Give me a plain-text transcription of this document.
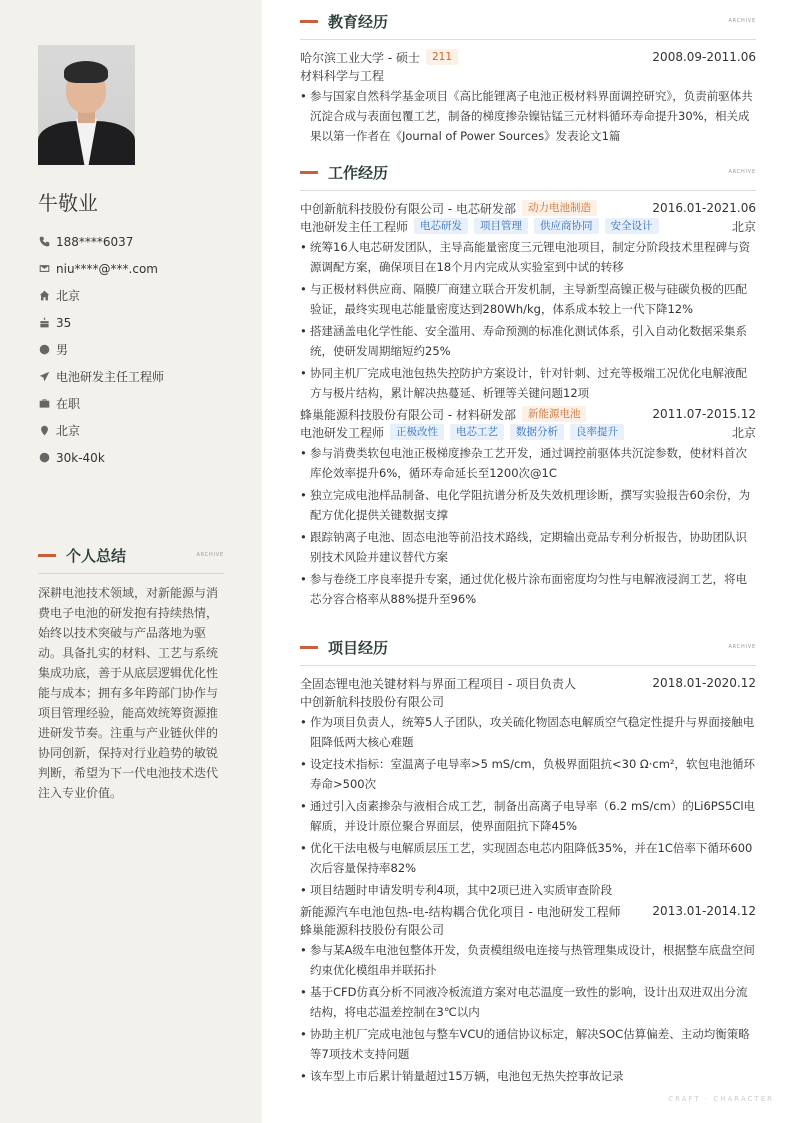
牛敬业
188****6037
niu****@***.com
北京
35
男
电池研发主任工程师
在职
北京
30k-40k
个人总结	ARCHIVE

深耕电池技术领域，对新能源与消费电子电池的研发抱有持续热情，始终以技术突破与产品落地为驱动。具备扎实的材料、工艺与系统集成功底，善于从底层逻辑优化性能与成本；拥有多年跨部门协作与项目管理经验，能高效统筹资源推进研发节奏。注重与产业链伙伴的协同创新，保持对行业趋势的敏锐判断，希望为下一代电池技术迭代注入专业价值。

教育经历	ARCHIVE
哈尔滨工业大学 - 硕士	211	2008.09-2011.06
材料科学与工程
• 参与国家自然科学基金项目《高比能锂离子电池正极材料界面调控研究》，负责前驱体共沉淀合成与表面包覆工艺，制备的梯度掺杂镍钴锰三元材料循环寿命提升30%，相关成果以第一作者在《Journal of Power Sources》发表论文1篇
工作经历	ARCHIVE
中创新航科技股份有限公司 - 电芯研发部	动力电池制造	2016.01-2021.06
电池研发主任工程师	电芯研发	项目管理	供应商协同	安全设计	北京
• 统筹16人电芯研发团队，主导高能量密度三元锂电池项目，制定分阶段技术里程碑与资源调配方案，确保项目在18个月内完成从实验室到中试的转移
• 与正极材料供应商、隔膜厂商建立联合开发机制，主导新型高镍正极与硅碳负极的匹配验证，最终实现电芯能量密度达到280Wh/kg，体系成本较上一代下降12%
• 搭建涵盖电化学性能、安全滥用、寿命预测的标准化测试体系，引入自动化数据采集系统，使研发周期缩短约25%
• 协同主机厂完成电池包热失控防护方案设计，针对针刺、过充等极端工况优化电解液配方与极片结构，累计解决热蔓延、析锂等关键问题12项
蜂巢能源科技股份有限公司 - 材料研发部	新能源电池	2011.07-2015.12
电池研发工程师	正极改性	电芯工艺	数据分析	良率提升	北京
• 参与消费类软包电池正极梯度掺杂工艺开发，通过调控前驱体共沉淀参数，使材料首次库伦效率提升6%，循环寿命延长至1200次@1C
• 独立完成电池样品制备、电化学阻抗谱分析及失效机理诊断，撰写实验报告60余份，为配方优化提供关键数据支撑
• 跟踪钠离子电池、固态电池等前沿技术路线，定期输出竞品专利分析报告，协助团队识别技术风险并建议替代方案
• 参与卷绕工序良率提升专案，通过优化极片涂布面密度均匀性与电解液浸润工艺，将电芯分容合格率从88%提升至96%
项目经历	ARCHIVE
全固态锂电池关键材料与界面工程项目 - 项目负责人	2018.01-2020.12
中创新航科技股份有限公司
• 作为项目负责人，统筹5人子团队，攻关硫化物固态电解质空气稳定性提升与界面接触电阻降低两大核心难题
• 设定技术指标：室温离子电导率>5 mS/cm，负极界面阻抗<30 Ω·cm²，软包电池循环寿命>500次
• 通过引入卤素掺杂与液相合成工艺，制备出高离子电导率（6.2 mS/cm）的Li6PS5Cl电解质，并设计原位聚合界面层，使界面阻抗下降45%
• 优化干法电极与电解质层压工艺，实现固态电芯内阻降低35%，并在1C倍率下循环600次后容量保持率82%
• 项目结题时申请发明专利4项，其中2项已进入实质审查阶段
新能源汽车电池包热-电-结构耦合优化项目 - 电池研发工程师	2013.01-2014.12
蜂巢能源科技股份有限公司
• 参与某A级车电池包整体开发，负责模组级电连接与热管理集成设计，根据整车底盘空间约束优化模组串并联拓扑
• 基于CFD仿真分析不同液冷板流道方案对电芯温度一致性的影响，设计出双进双出分流结构，将电芯温差控制在3℃以内
• 协助主机厂完成电池包与整车VCU的通信协议标定，解决SOC估算偏差、主动均衡策略等7项技术支持问题
• 该车型上市后累计销量超过15万辆，电池包无热失控事故记录
CRAFT · CHARACTER
